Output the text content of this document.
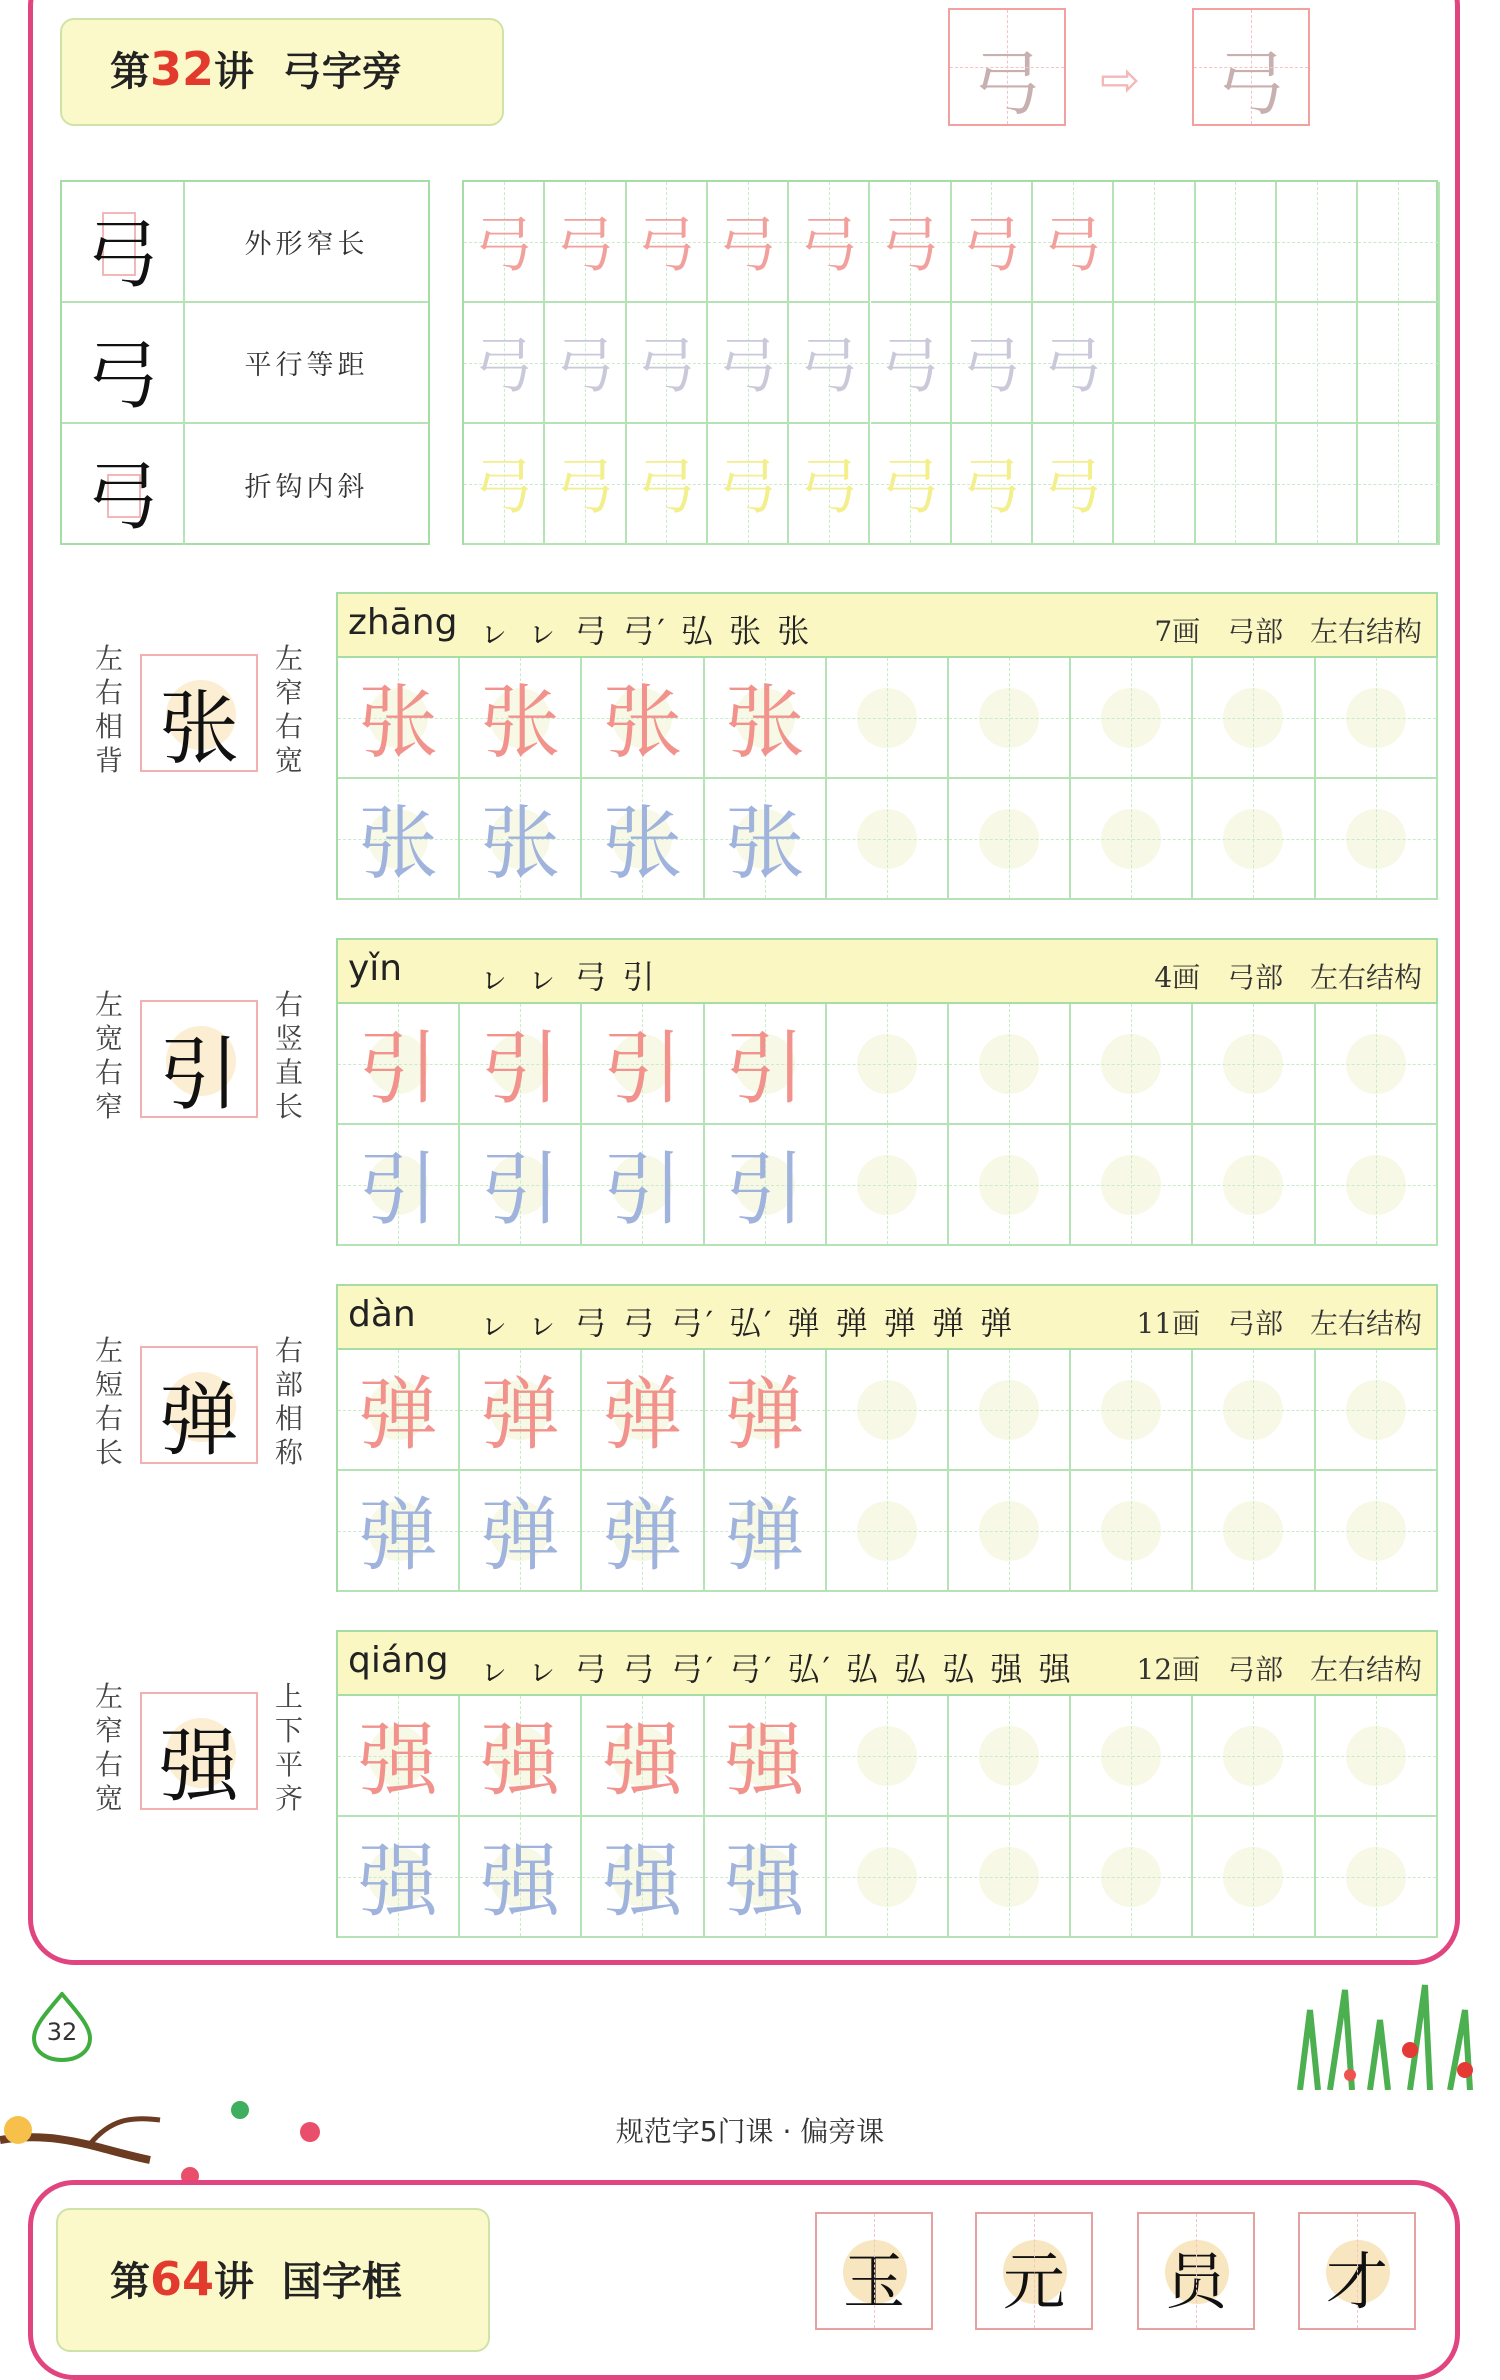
第32讲 弓字旁	弓	⇨	弓
弓	外形窄长
弓	平行等距
弓	折钩内斜
弓 弓 弓 弓 弓 弓 弓 弓
弓 弓 弓 弓 弓 弓 弓 弓
弓 弓 弓 弓 弓 弓 弓 弓
左右相背
左窄右宽
张
zhāng ㇾ ㇾ 弓 弓′ 弘 张 张	7画 弓部 左右结构
张 张 张 张
张 张 张 张
左宽右窄
右竖直长
引
yǐn ㇾ ㇾ 弓 引	4画 弓部 左右结构
引 引 引 引
引 引 引 引
左短右长
右部相称
弹
dàn ㇾ ㇾ 弓 弓 弓′ 弘′ 弹 弹 弹 弹 弹	11画 弓部 左右结构
弹 弹 弹 弹
弹 弹 弹 弹
左窄右宽
上下平齐
强
qiáng ㇾ ㇾ 弓 弓 弓′ 弓′ 弘′ 弘 弘 弘 强 强 12画 弓部 左右结构
强 强 强 强
强 强 强 强
32
规范字5门课 · 偏旁课
第64讲 国字框	玉	元	员	才
